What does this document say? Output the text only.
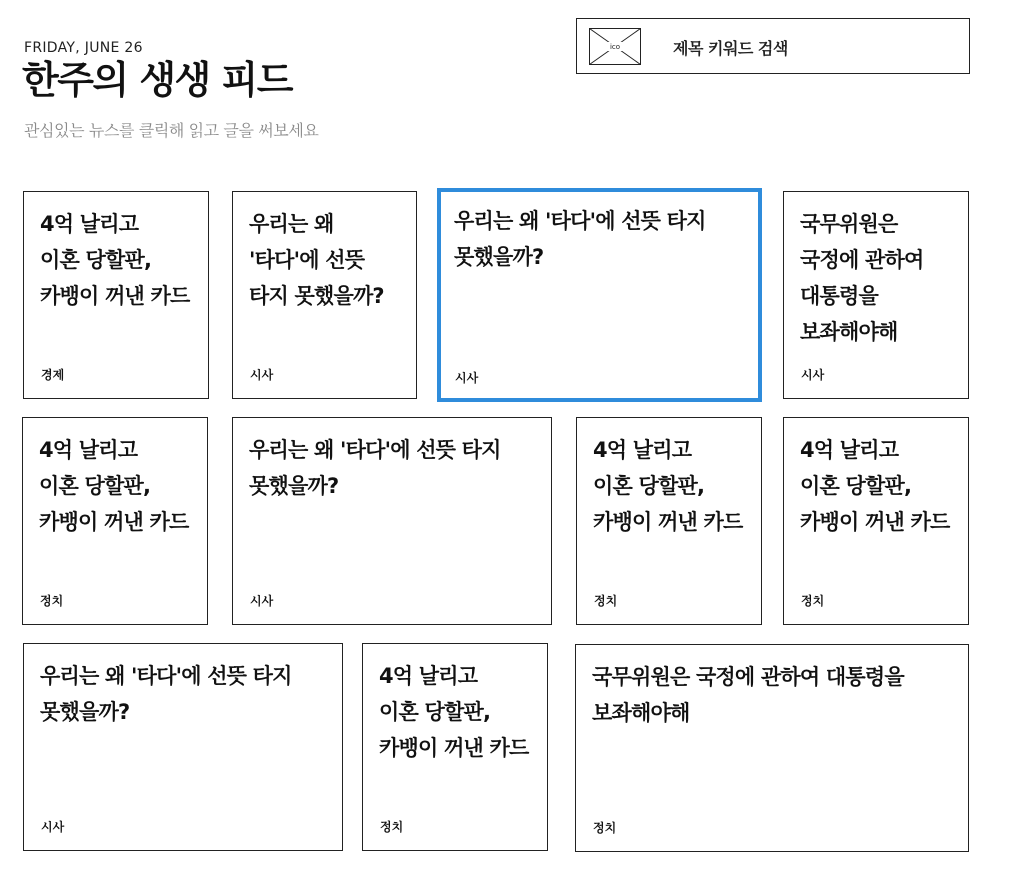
FRIDAY, JUNE 26
한주의 생생 피드
관심있는 뉴스를 클릭해 읽고 글을 써보세요
ico	제목 키워드 검색
4억 날리고
이혼 당할판,
카뱅이 꺼낸 카드
경제
우리는 왜
'타다'에 선뜻
타지 못했을까?
시사
우리는 왜 '타다'에 선뜻 타지
못했을까?
시사
국무위원은
국정에 관하여
대통령을
보좌해야해
시사
4억 날리고
이혼 당할판,
카뱅이 꺼낸 카드
정치
우리는 왜 '타다'에 선뜻 타지
못했을까?
시사
4억 날리고
이혼 당할판,
카뱅이 꺼낸 카드
정치
4억 날리고
이혼 당할판,
카뱅이 꺼낸 카드
정치
우리는 왜 '타다'에 선뜻 타지
못했을까?
시사
4억 날리고
이혼 당할판,
카뱅이 꺼낸 카드
정치
국무위원은 국정에 관하여 대통령을
보좌해야해
정치
